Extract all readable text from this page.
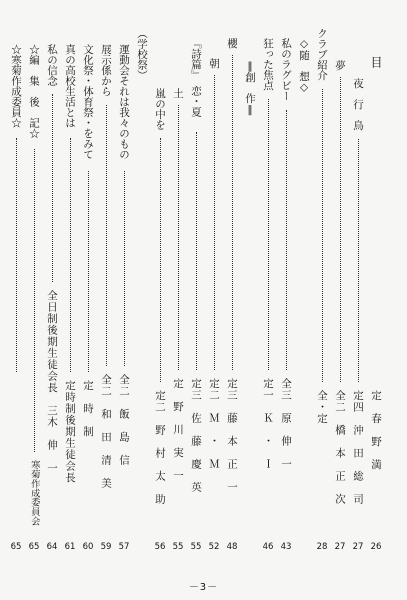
目
－3－
定　春　野　満
26
夜　行　鳥
定四　沖　田　総　司
27
夢
全二　橋　本　正　次
27
クラブ紹介
全・定
28
◇随　想◇
私のラグビー
全三　原　伸　一
43
狂った焦点
定一　Ｋ　・　Ｉ
46
‖創　作‖
櫻
定三　藤　本　正　一
48
朝
定二　Ｍ　・　Ｍ
52
『詩篇』　恋・夏
定三　佐　藤　慶　英
55
土
定　野　川　実　一
55
嵐の中を
定二　野　村　太　助
56
（学校祭）
運動会それは我々のもの
全二　飯　島　信
57
展示係から
全二　和　田　清　美
59
文化祭・体育祭・をみて
定　時　制
60
真の高校生活とは
定時制後期生徒会長
61
私の信念
全日制後期生徒会長　三木　伸　一
64
☆編　集　後　記☆
寒菊作成委員会
65
☆寒菊作成委員☆
65
